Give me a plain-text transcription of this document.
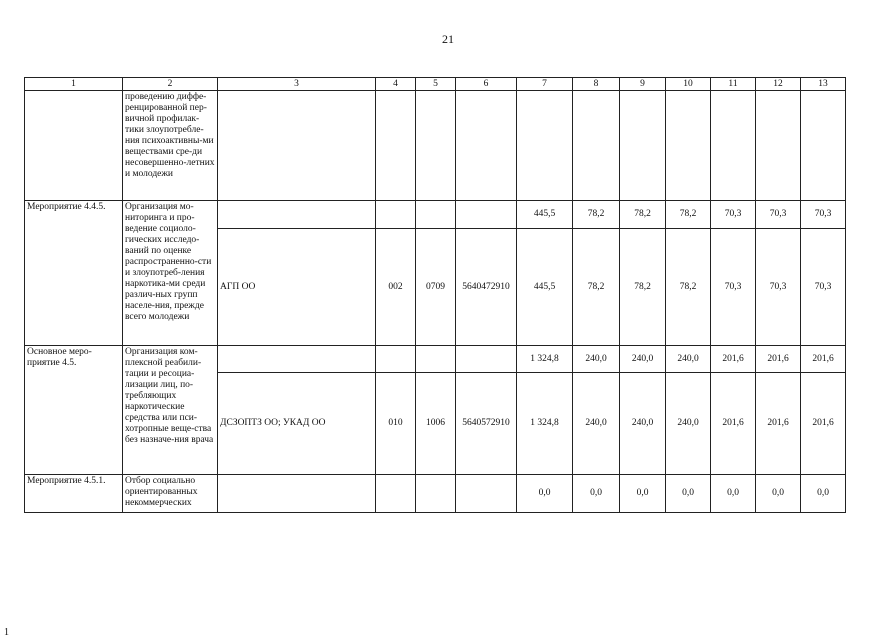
21
1	2	3	4	5	6	7	8	9	10	11	12	13
	проведению диффе-ренцированной пер-вичной профилак-тики злоупотребле-ния психоактивны-ми веществами сре-ди несовершенно-летних и молодежи											
Мероприятие 4.4.5.	Организация мо-ниторинга и про-ведение социоло-гических исследо-ваний по оценке распространенно-сти и злоупотреб-ления наркотика-ми среди различ-ных групп населе-ния, прежде всего молодежи					445,5	78,2	78,2	78,2	70,3	70,3	70,3
		АГП ОО	002	0709	5640472910	445,5	78,2	78,2	78,2	70,3	70,3	70,3
Основное меро-приятие 4.5.	Организация ком-плексной реабили-тации и ресоциа-лизации лиц, по-требляющих наркотические средства или пси-хотропные веще-ства без назначе-ния врача					1 324,8	240,0	240,0	240,0	201,6	201,6	201,6
		ДСЗОПТЗ ОО; УКАД ОО	010	1006	5640572910	1 324,8	240,0	240,0	240,0	201,6	201,6	201,6
Мероприятие 4.5.1.	Отбор социально ориентированных некоммерческих					0,0	0,0	0,0	0,0	0,0	0,0	0,0
1
